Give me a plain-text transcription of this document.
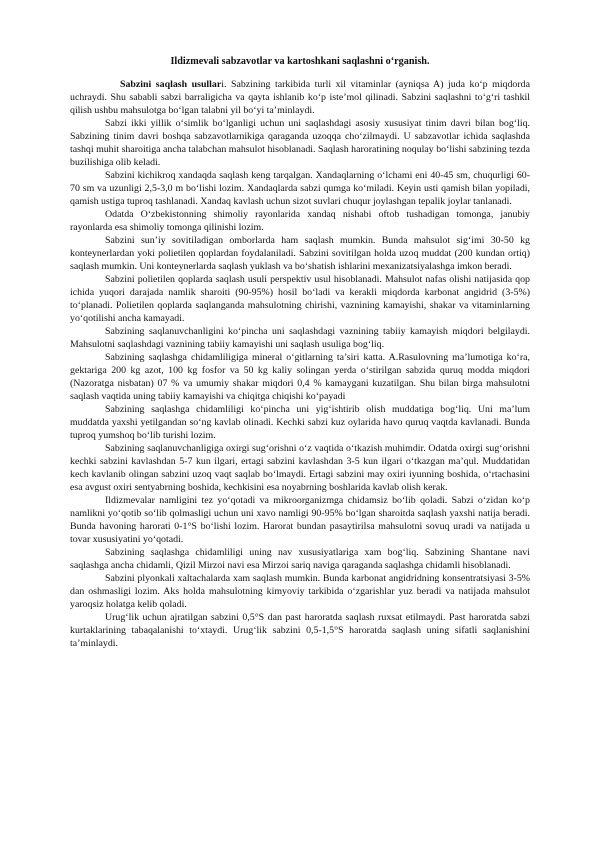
Ildizmevali sabzavotlar va kartoshkani saqlashni o‘rganish.

Sabzini saqlash usullari. Sabzining tarkibida turli xil vitaminlar (ayniqsa A) juda ko‘p miqdorda uchraydi. Shu sababli sabzi barraligicha va qayta ishlanib ko‘p iste’mol qilinadi. Sabzini saqlashni to‘g‘ri tashkil qilish ushbu mahsulotga bo‘lgan talabni yil bo‘yi ta’minlaydi.

Sabzi ikki yillik o‘simlik bo‘lganligi uchun uni saqlashdagi asosiy xususiyat tinim davri bilan bog‘liq. Sabzining tinim davri boshqa sabzavotlarnikiga qaraganda uzoqqa cho‘zilmaydi. U sabzavotlar ichida saqlashda tashqi muhit sharoitiga ancha talabchan mahsulot hisoblanadi. Saqlash haroratining noqulay bo‘lishi sabzining tezda buzilishiga olib keladi.

Sabzini kichikroq xandaqda saqlash keng tarqalgan. Xandaqlarning o‘lchami eni 40-45 sm, chuqurligi 60-70 sm va uzunligi 2,5-3,0 m bo‘lishi lozim. Xandaqlarda sabzi qumga ko‘miladi. Keyin usti qamish bilan yopiladi, qamish ustiga tuproq tashlanadi. Xandaq kavlash uchun sizot suvlari chuqur joylashgan tepalik joylar tanlanadi.

Odatda O‘zbekistonning shimoliy rayonlarida xandaq nishabi oftob tushadigan tomonga, janubiy rayonlarda esa shimoliy tomonga qilinishi lozim.

Sabzini sun’iy sovitiladigan omborlarda ham saqlash mumkin. Bunda mahsulot sig‘imi 30-50 kg konteynerlardan yoki polietilen qoplardan foydalaniladi. Sabzini sovitilgan holda uzoq muddat (200 kundan ortiq) saqlash mumkin. Uni konteynerlarda saqlash yuklash va bo‘shatish ishlarini mexanizatsiyalashga imkon beradi.

Sabzini polietilen qoplarda saqlash usuli perspektiv usul hisoblanadi. Mahsulot nafas olishi natijasida qop ichida yuqori darajada namlik sharoiti (90-95%) hosil bo‘ladi va kerakli miqdorda karbonat angidrid (3-5%) to‘planadi. Polietilen qoplarda saqlanganda mahsulotning chirishi, vaznining kamayishi, shakar va vitaminlarning yo‘qotilishi ancha kamayadi.

Sabzining saqlanuvchanligini ko‘pincha uni saqlashdagi vaznining tabiiy kamayish miqdori belgilaydi. Mahsulotni saqlashdagi vaznining tabiiy kamayishi uni saqlash usuliga bog‘liq.

Sabzining saqlashga chidamliligiga mineral o‘gitlarning ta’siri katta. A.Rasulovning ma’lumotiga ko‘ra, gektariga 200 kg azot, 100 kg fosfor va 50 kg kaliy solingan yerda o‘stirilgan sabzida quruq modda miqdori (Nazoratga nisbatan) 07 % va umumiy shakar miqdori 0,4 % kamaygani kuzatilgan. Shu bilan birga mahsulotni saqlash vaqtida uning tabiiy kamayishi va chiqitga chiqishi ko‘payadi

Sabzining saqlashga chidamliligi ko‘pincha uni yig‘ishtirib olish muddatiga bog‘liq. Uni ma’lum muddatda yaxshi yetilgandan so‘ng kavlab olinadi. Kechki sabzi kuz oylarida havo quruq vaqtda kavlanadi. Bunda tuproq yumshoq bo‘lib turishi lozim.

Sabzining saqlanuvchanligiga oxirgi sug‘orishni o‘z vaqtida o‘tkazish muhimdir. Odatda oxirgi sug‘orishni kechki sabzini kavlashdan 5-7 kun ilgari, ertagi sabzini kavlashdan 3-5 kun ilgari o‘tkazgan ma’qul. Muddatidan kech kavlanib olingan sabzini uzoq vaqt saqlab bo‘lmaydi. Ertagi sabzini may oxiri iyunning boshida, o‘rtachasini esa avgust oxiri sentyabrning boshida, kechkisini esa noyabrning boshlarida kavlab olish kerak.

Ildizmevalar namligini tez yo‘qotadi va mikroorganizmga chidamsiz bo‘lib qoladi. Sabzi o‘zidan ko‘p namlikni yo‘qotib so‘lib qolmasligi uchun uni xavo namligi 90-95% bo‘lgan sharoitda saqlash yaxshi natija beradi. Bunda havoning harorati 0-1°S bo‘lishi lozim. Harorat bundan pasaytirilsa mahsulotni sovuq uradi va natijada u tovar xususiyatini yo‘qotadi.

Sabzining saqlashga chidamliligi uning nav xususiyatlariga xam bog‘liq. Sabzining Shantane navi saqlashga ancha chidamli, Qizil Mirzoi navi esa Mirzoi sariq naviga qaraganda saqlashga chidamli hisoblanadi.

Sabzini plyonkali xaltachalarda xam saqlash mumkin. Bunda karbonat angidridning konsentratsiyasi 3-5% dan oshmasligi lozim. Aks holda mahsulotning kimyoviy tarkibida o‘zgarishlar yuz beradi va natijada mahsulot yaroqsiz holatga kelib qoladi.

Urug‘lik uchun ajratilgan sabzini 0,5°S dan past haroratda saqlash ruxsat etilmaydi. Past haroratda sabzi kurtaklarining tabaqalanishi to‘xtaydi. Urug‘lik sabzini 0,5-1,5°S haroratda saqlash uning sifatli saqlanishini ta’minlaydi.
